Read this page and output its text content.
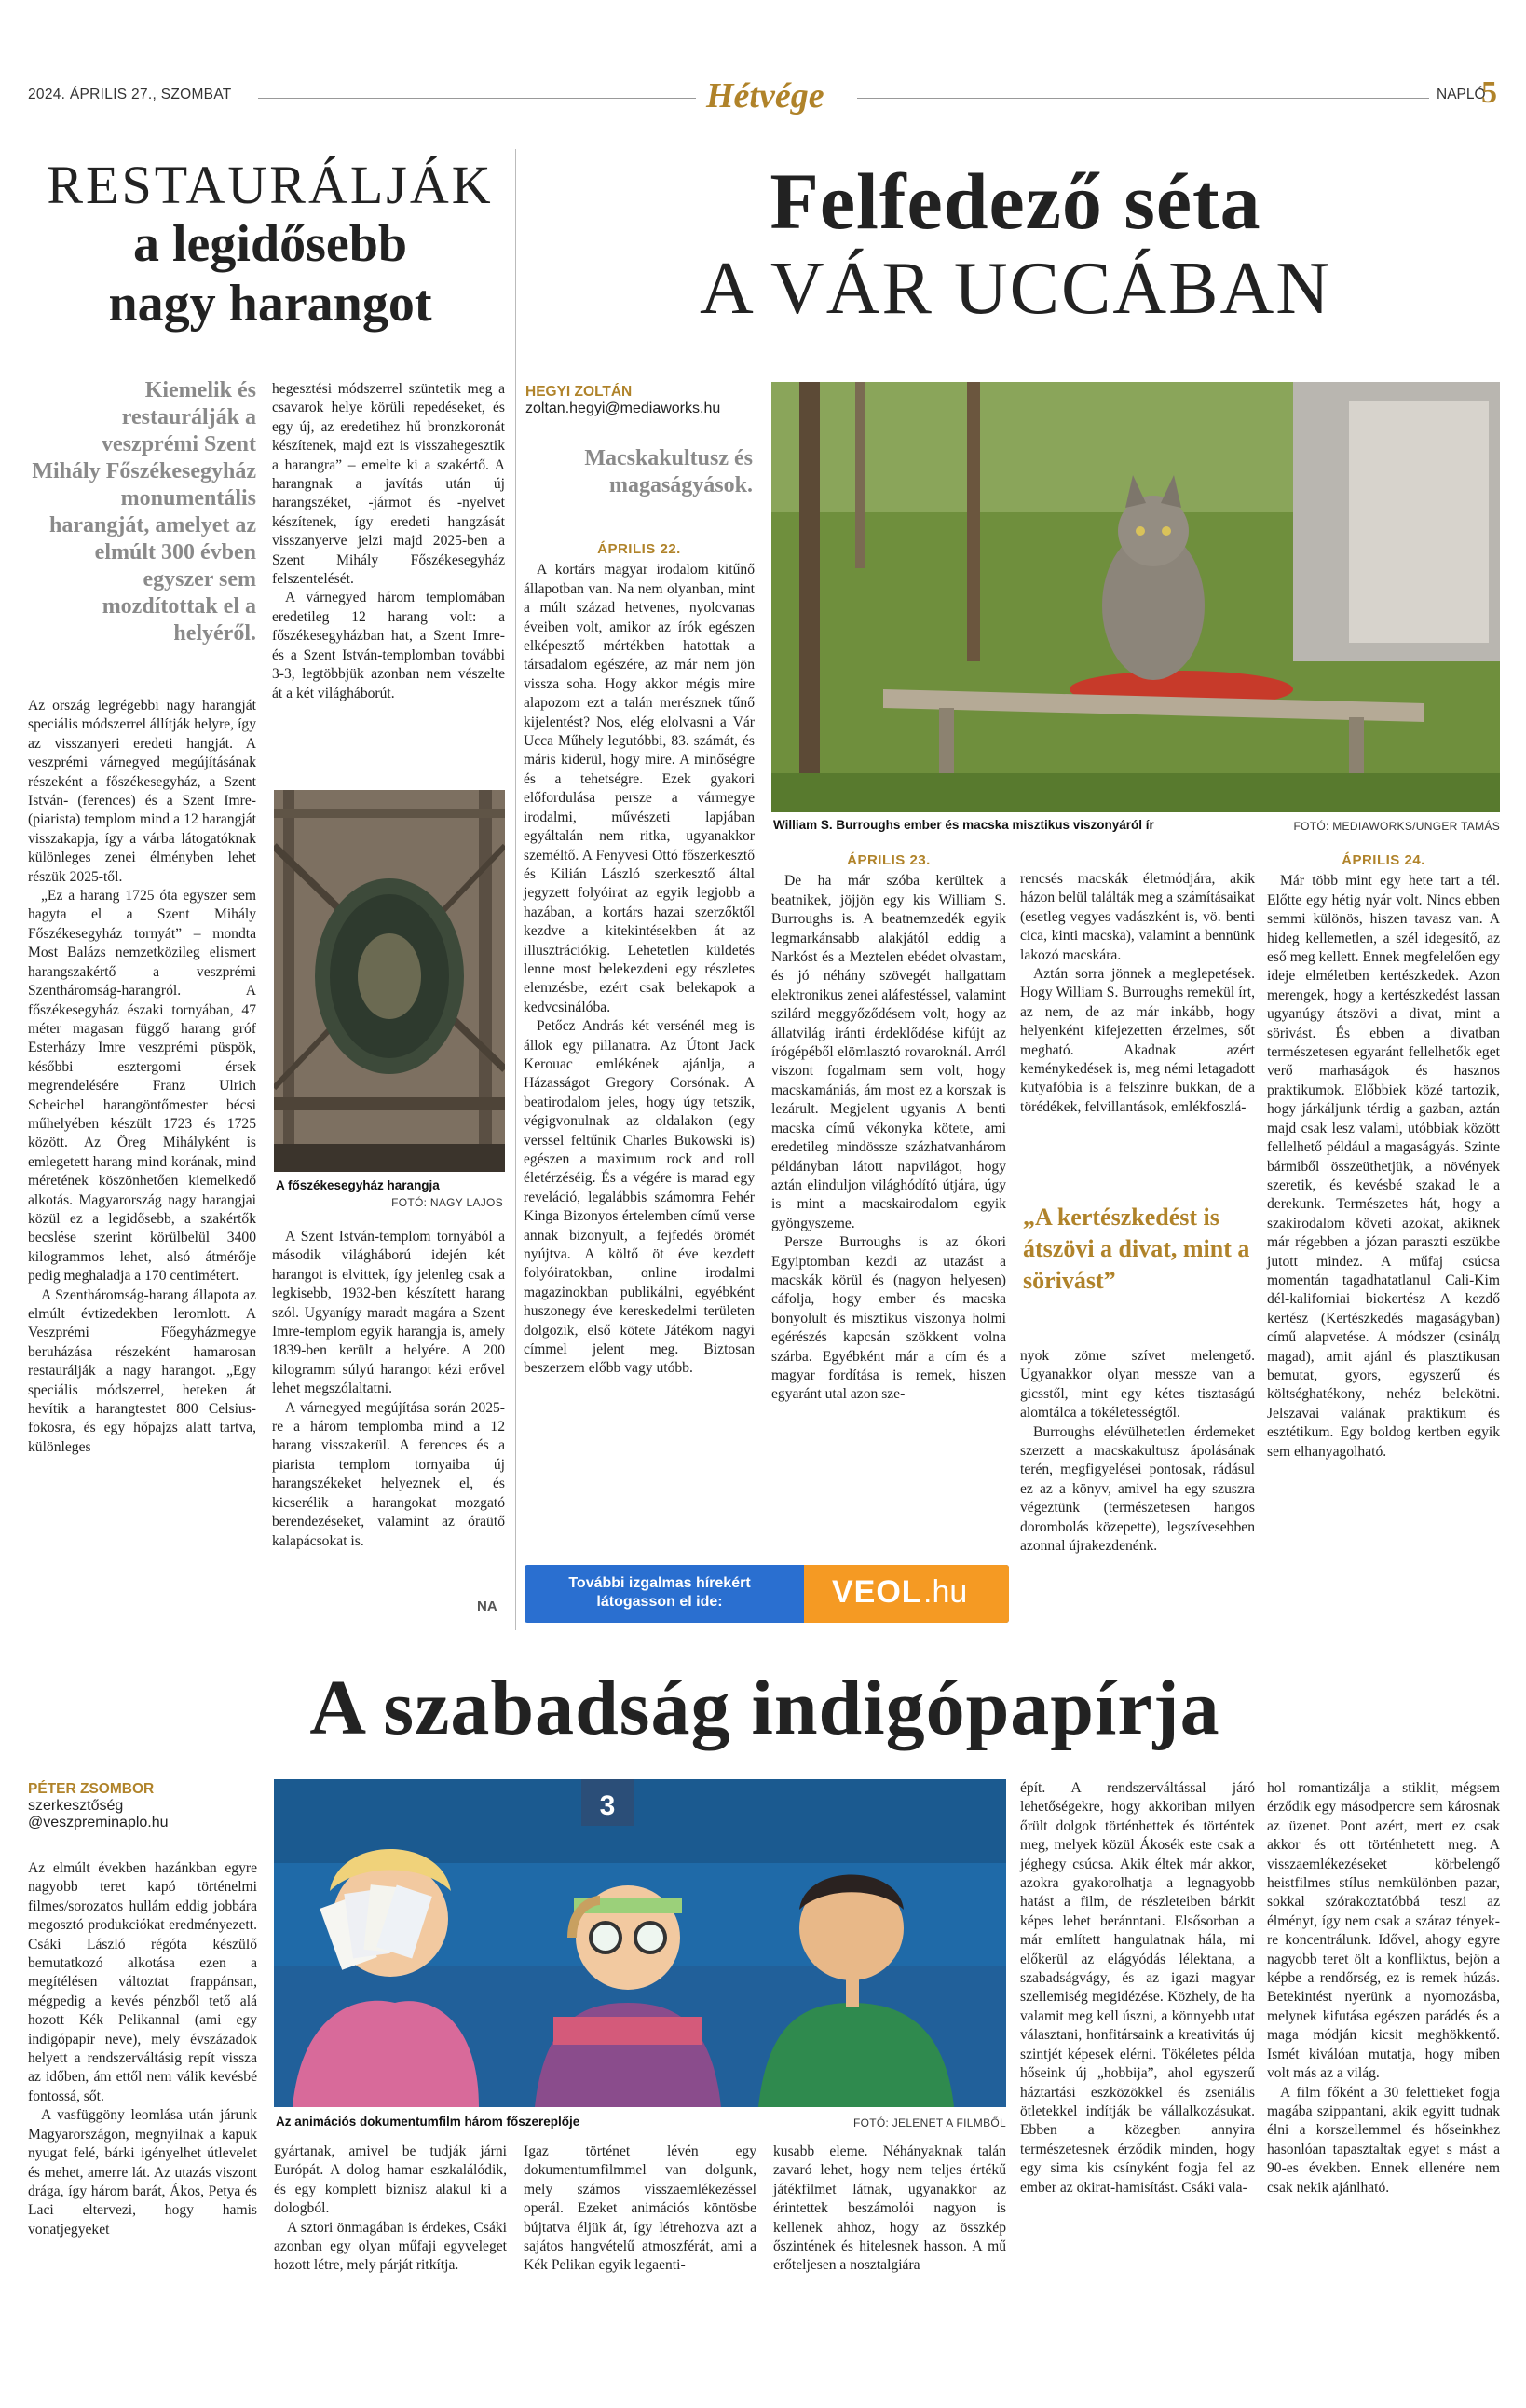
2024. ÁPRILIS 27., SZOMBAT	Hétvége	NAPLÓ
5
RESTAURÁLJÁK
a legidősebb
nagy harangot
Kiemelik és restaurálják a veszprémi Szent Mihály Főszékesegyház monumentális harangját, amelyet az elmúlt 300 évben egyszer sem mozdítottak el a helyéről.

Az ország legrégebbi nagy harangját speciális módszerrel állítják helyre, így az visszanyeri eredeti hangját. A veszprémi várnegyed megújításának részeként a főszékesegyház, a Szent István- (ferences) és a Szent Imre- (piarista) templom mind a 12 harangját visszakapja, így a várba látogatóknak különleges zenei élményben lehet részük 2025-től.

„Ez a harang 1725 óta egyszer sem hagyta el a Szent Mihály Főszékesegyház tornyát” – mondta Most Balázs nemzetközileg elismert harangszakértő a veszprémi Szentháromság-harangról. A főszékesegyház északi tornyában, 47 méter magasan függő harang gróf Esterházy Imre veszprémi püspök, későbbi esztergomi érsek megrendelésére Franz Ulrich Scheichel harangöntőmester bécsi műhelyében készült 1723 és 1725 között. Az Öreg Mihályként is emlegetett harang mind korának, mind méretének köszönhetően kiemelkedő alkotás. Magyarország nagy harangjai közül ez a legidősebb, a szakértők becslése szerint körülbelül 3400 kilogrammos lehet, alsó átmérője pedig meghaladja a 170 centimétert.

A Szentháromság-harang állapota az elmúlt évtizedekben leromlott. A Veszprémi Főegyházmegye beruházása részeként hamarosan restaurálják a nagy harangot. „Egy speciális módszerrel, heteken át hevítik a harangtestet 800 Celsius-fokosra, és egy hőpajzs alatt tartva, különleges

hegesztési módszerrel szüntetik meg a csavarok helye körüli repedéseket, és egy új, az eredetihez hű bronzkoronát készítenek, majd ezt is visszahegesztik a harangra” – emelte ki a szakértő. A harangnak a javítás után új harangszéket, -jármot és -nyelvet készítenek, így eredeti hangzását visszanyerve jelzi majd 2025-ben a Szent Mihály Főszékesegyház felszentelését.

A várnegyed három templomában eredetileg 12 harang volt: a főszékesegyházban hat, a Szent Imre- és a Szent István-templomban további 3-3, legtöbbjük azonban nem vészelte át a két világháborút.

A főszékesegyház harangja
FOTÓ: NAGY LAJOS

A Szent István-templom tornyából a második világháború idején két harangot is elvittek, így jelenleg csak a legkisebb, 1932-ben készített harang szól. Ugyanígy maradt magára a Szent Imre-templom egyik harangja is, amely 1839-ben került a helyére. A 200 kilogramm súlyú harangot kézi erővel lehet megszólaltatni.

A várnegyed megújítása során 2025-re a három templomba mind a 12 harang visszakerül. A ferences és a piarista templom tornyaiba új harangszékeket helyeznek el, és kicserélik a harangokat mozgató berendezéseket, valamint az óraütő kalapácsokat is.

NA
Felfedező séta
A VÁR UCCÁBAN
HEGYI ZOLTÁN
zoltan.hegyi@mediaworks.hu
Macskakultusz és magaságyások.
ÁPRILIS 22.

A kortárs magyar irodalom kitűnő állapotban van. Na nem olyanban, mint a múlt század hetvenes, nyolcvanas éveiben volt, amikor az írók egészen elképesztő mértékben hatottak a társadalom egészére, az már nem jön vissza soha. Hogy akkor mégis mire alapozom ezt a talán merésznek tűnő kijelentést? Nos, elég elolvasni a Vár Ucca Műhely legutóbbi, 83. számát, és máris kiderül, hogy mire. A minőségre és a tehetségre. Ezek gyakori előfordulása persze a vármegye irodalmi, művészeti lapjában egyáltalán nem ritka, ugyanakkor személtő. A Fenyvesi Ottó főszerkesztő és Kilián László szerkesztő által jegyzett folyóirat az egyik legjobb a hazában, a kortárs hazai szerzőktől kezdve a kitekintésekben át az illusztrációkig. Lehetetlen küldetés lenne most belekezdeni egy részletes elemzésbe, ezért csak belekapok a kedvcsinálóba.

Petőcz András két versénél meg is állok egy pillanatra. Az Útont Jack Kerouac emlékének ajánlja, a Házasságot Gregory Corsónak. A beatirodalom jeles, hogy úgy tetszik, végigvonulnak az oldalakon (egy verssel feltűnik Charles Bukowski is) egészen a maximum rock and roll életérzéséig. És a végére is marad egy reveláció, legalábbis számomra Fehér Kinga Bizonyos értelemben című verse annak bizonyult, a fejfedés örömét nyújtva. A költő öt éve kezdett folyóiratokban, online irodalmi magazinokban publikálni, egyébként huszonegy éve kereskedelmi területen dolgozik, első kötete Játékom nagyi címmel jelent meg. Biztosan beszerzem előbb vagy utóbb.

William S. Burroughs ember és macska misztikus viszonyáról ír	FOTÓ: MEDIAWORKS/UNGER TAMÁS
ÁPRILIS 23.

De ha már szóba kerültek a beatnikek, jöjjön egy kis William S. Burroughs is. A beatnemzedék egyik legmarkánsabb alakjától eddig a Narkóst és a Meztelen ebédet olvastam, és jó néhány szövegét hallgattam elektronikus zenei aláfestéssel, valamint szilárd meggyőződésem volt, hogy az állatvilág iránti érdeklődése kifújt az írógépéből elömlasztó rovaroknál. Arról viszont fogalmam sem volt, hogy macskamániás, ám most ez a korszak is lezárult. Megjelent ugyanis A benti macska című vékonyka kötete, ami eredetileg mindössze százhatvanhárom példányban látott napvilágot, hogy aztán elinduljon világhódító útjára, úgy is mint a macskairodalom egyik gyöngyszeme.

Persze Burroughs is az ókori Egyiptomban kezdi az utazást a macskák körül és (nagyon helyesen) cáfolja, hogy ember és macska bonyolult és misztikus viszonya holmi egérészés kapcsán szökkent volna szárba. Egyébként már a cím és a magyar fordítása is remek, hiszen egyaránt utal azon sze-

rencsés macskák életmódjára, akik házon belül találták meg a számításaikat (esetleg vegyes vadászként is, vö. benti cica, kinti macska), valamint a bennünk lakozó macskára.

Aztán sorra jönnek a meglepetések. Hogy William S. Burroughs remekül írt, az nem, de az már inkább, hogy helyenként kifejezetten érzelmes, sőt megható. Akadnak azért keménykedések is, meg némi letagadott kutyafóbia is a felszínre bukkan, de a törédékek, felvillantások, emlékfoszlá-

„A kertészkedést is átszövi a divat, mint a sörivást”

nyok zöme szívet melengető. Ugyanakkor olyan messze van a gicsstől, mint egy kétes tisztaságú alomtálca a tökéletességtől.

Burroughs elévülhetetlen érdemeket szerzett a macskakultusz ápolásának terén, megfigyelései pontosak, rádásul ez az a könyv, amivel ha egy szuszra végeztünk (természetesen hangos dorombolás közepette), legszívesebben azonnal újrakezdenénk.

ÁPRILIS 24.

Már több mint egy hete tart a tél. Előtte egy hétig nyár volt. Nincs ebben semmi különös, hiszen tavasz van. A hideg kellemetlen, a szél idegesítő, az eső meg kellett. Ennek megfelelően egy ideje elméletben kertészkedek. Azon merengek, hogy a kertészkedést lassan ugyanúgy átszövi a divat, mint a sörivást. És ebben a divatban természetesen egyaránt fellelhetők eget verő marhaságok és hasznos praktikumok. Előbbiek közé tartozik, hogy járkáljunk térdig a gazban, aztán majd csak lesz valami, utóbbiak között fellelhető például a magaságyás. Szinte bármiből összeüthetjük, a növények szeretik, és kevésbé szakad le a derekunk. Természetes hát, hogy a szakirodalom követi azokat, akiknek már régebben a józan paraszti eszükbe jutott mindez. A műfaj csúcsa momentán tagadhatatlanul Cali-Kim dél-kaliforniai biokertész A kezdő kertész (Kertészkedés magaságyban) című alapvetése. A módszer (csinálд magad), amit ajánl és plasztikusan bemutat, gyors, egyszerű és költséghatékony, nehéz belekötni. Jelszavai valának praktikum és esztétikum. Egy boldog kertben egyik sem elhanyagolható.

További izgalmas hírekért
látogasson el ide:	VEOL .hu
A szabadság indigópapírja
PÉTER ZSOMBOR
szerkesztőség
@veszpreminaplo.hu

Az elmúlt években hazánkban egyre nagyobb teret kapó történelmi filmes/sorozatos hullám eddig jobbára megosztó produkciókat eredményezett. Csáki László régóta készülő bemutatkozó alkotása ezen a megítélésen változtat frappánsan, mégpedig a kevés pénzből tető alá hozott Kék Pelikannal (ami egy indigópapír neve), mely évszázadok helyett a rendszerváltásig repít vissza az időben, ám ettől nem válik kevésbé fontossá, sőt.

A vasfüggöny leomlása után járunk Magyarországon, megnyílnak a kapuk nyugat felé, bárki igényelhet útlevelet és mehet, amerre lát. Az utazás viszont drága, így három barát, Ákos, Petya és Laci eltervezi, hogy hamis vonatjegyeket

3
Az animációs dokumentumfilm három főszereplője	FOTÓ: JELENET A FILMBŐL

gyártanak, amivel be tudják járni Európát. A dolog hamar eszkalálódik, és egy komplett biznisz alakul ki a dologból.

A sztori önmagában is érdekes, Csáki azonban egy olyan műfaji egyveleget hozott létre, mely párját ritkítja.

Igaz történet lévén egy dokumentumfilmmel van dolgunk, mely számos visszaemlékezéssel operál. Ezeket animációs köntösbe bújtatva éljük át, így létrehozva azt a sajátos hangvételű atmoszférát, ami a Kék Pelikan egyik legaenti-

kusabb eleme. Néhányaknak talán zavaró lehet, hogy nem teljes értékű játékfilmet látnak, ugyanakkor az érintettek beszámolói nagyon is kellenek ahhoz, hogy az összkép őszintének és hitelesnek hasson. A mű erőteljesen a nosztalgiára

épít. A rendszerváltással járó lehetőségekre, hogy akkoriban milyen őrült dolgok történhettek és történtek meg, melyek közül Ákosék este csak a jéghegy csúcsa. Akik éltek már akkor, azokra gyakorolhatja a legnagyobb hatást a film, de részleteiben bárkit képes lehet beránntani. Elsősorban a már említett hangulatnak hála, mi előkerül az elágyódás lélektana, a szabadságvágy, és az igazi magyar szellemiség megidézése. Közhely, de ha valamit meg kell úszni, a könnyebb utat választani, honfitársaink a kreativitás új szintjét képesek elérni. Tökéletes példa hőseink új „hobbija”, ahol egyszerű háztartási eszközökkel és zseniális ötletekkel indítják be vállalkozásukat. Ebben a közegben annyira természetesnek érződik minden, hogy egy sima kis csínyként fogja fel az ember az okirat-hamisítást. Csáki vala-

hol romantizálja a stiklit, mégsem érződik egy másodpercre sem károsnak az üzenet. Pont azért, mert ez csak akkor és ott történhetett meg. A visszaemlékezéseket körbelengő heistfilmes stílus nemkülönben pazar, sokkal szórakoztatóbbá teszi az élményt, így nem csak a száraz tényekre koncentrálunk. Idővel, ahogy egyre nagyobb teret ölt a konfliktus, bejön a képbe a rendőrség, ez is remek húzás. Betekintést nyerünk a nyomozásba, melynek kifutása egészen parádés és a maga módján kicsit meghökkentő. Ismét kiválóan mutatja, hogy miben volt más az a világ.

A film főként a 30 felettieket fogja magába szippantani, akik egyitt tudnak élni a korszellemmel és hőseinkhez hasonlóan tapasztaltak egyet s mást a 90-es években. Ennek ellenére nem csak nekik ajánlható.
